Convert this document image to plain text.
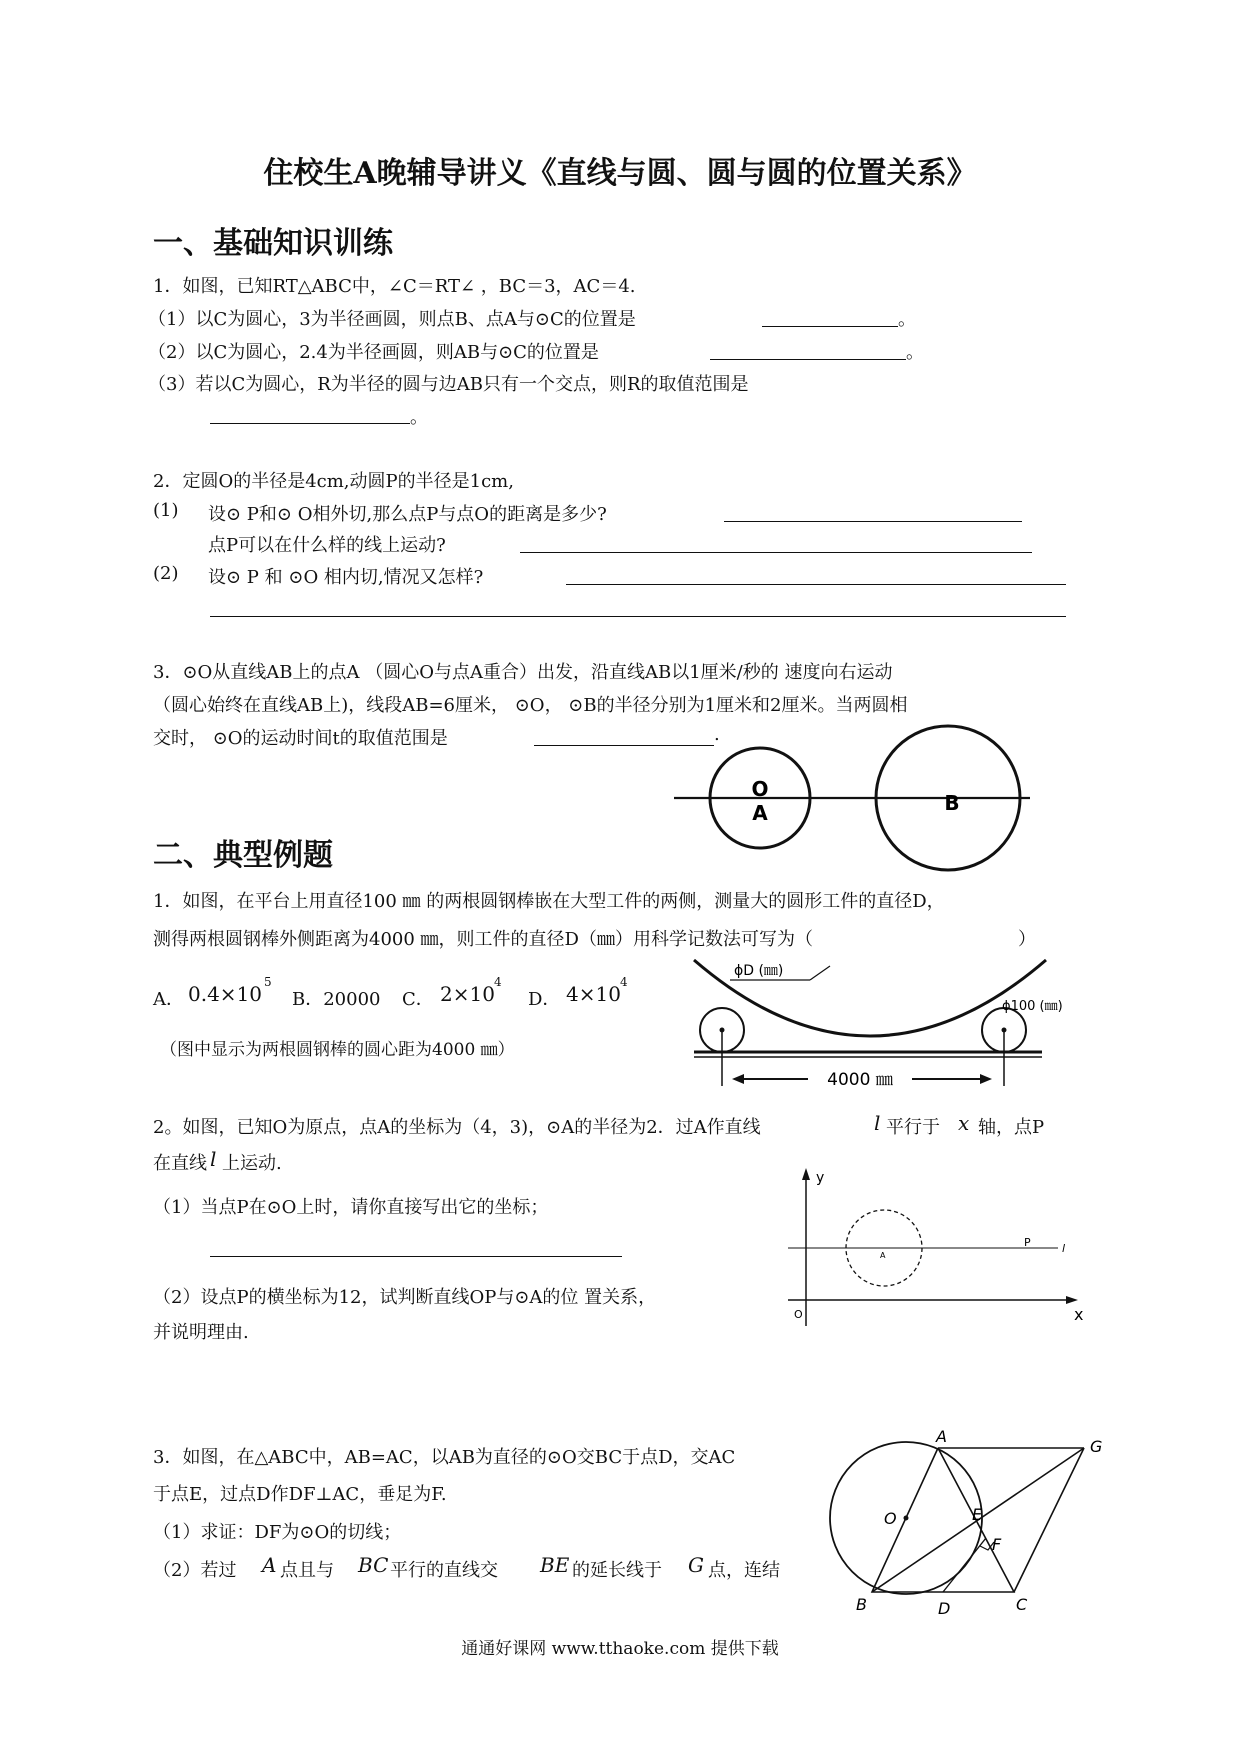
住校生A晚辅导讲义《直线与圆、圆与圆的位置关系》
一、基础知识训练
1．如图，已知RT△ABC中，∠C＝RT∠ ，BC＝3，AC＝4.
（1）以C为圆心，3为半径画圆，则点B、点A与⊙C的位置是	。
（2）以C为圆心，2.4为半径画圆，则AB与⊙C的位置是	。
（3）若以C为圆心，R为半径的圆与边AB只有一个交点，则R的取值范围是
。
2．定圆O的半径是4cm,动圆P的半径是1cm,
(1) 设⊙ P和⊙ O相外切,那么点P与点O的距离是多少?
点P可以在什么样的线上运动?
(2) 设⊙ P 和 ⊙O 相内切,情况又怎样?
3．⊙O从直线AB上的点A （圆心O与点A重合）出发，沿直线AB以1厘米/秒的 速度向右运动
（圆心始终在直线AB上)，线段AB=6厘米， ⊙O， ⊙B的半径分别为1厘米和2厘米。当两圆相
交时， ⊙O的运动时间t的取值范围是	.
O
A	B
二、典型例题
1．如图，在平台上用直径100 ㎜ 的两根圆钢棒嵌在大型工件的两侧，测量大的圆形工件的直径D，
测得两根圆钢棒外侧距离为4000 ㎜，则工件的直径D（㎜）用科学记数法可写为（	）
A． 0.4×10 5
B．20000 C． 2×10 4
D． 4×10 4
（图中显示为两根圆钢棒的圆心距为4000 ㎜）
4000 ㎜
ϕD (㎜)
ϕ100 (㎜)
2。如图，已知O为原点，点A的坐标为（4，3)，⊙A的半径为2．过A作直线	l 平行于 x 轴，点P
在直线 l 上运动.
（1）当点P在⊙O上时，请你直接写出它的坐标；
（2）设点P的横坐标为12，试判断直线OP与⊙A的位 置关系，
并说明理由.
y
x
O
A
P	l
3．如图，在△ABC中，AB=AC，以AB为直径的⊙O交BC于点D，交AC
于点E，过点D作DF⊥AC，垂足为F.
（1）求证：DF为⊙O的切线；
（2）若过 A 点且与 BC 平行的直线交 BE 的延长线于 G 点，连结
A
B	C
D
E
F
G
O
通通好课网 www.tthaoke.com 提供下载
